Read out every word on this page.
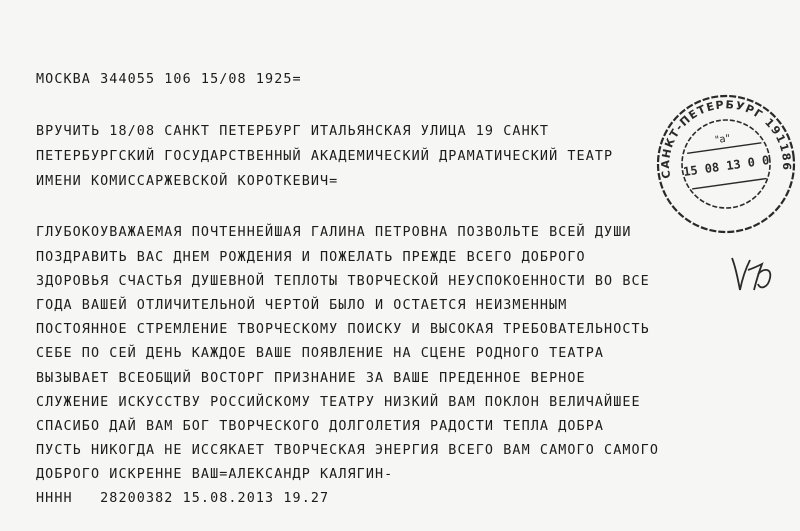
МОСКВА 344055 106 15/08 1925=
ВРУЧИТЬ 18/08 САНКТ ПЕТЕРБУРГ ИТАЛЬЯНСКАЯ УЛИЦА 19 САНКТ
ПЕТЕРБУРГСКИЙ ГОСУДАРСТВЕННЫЙ АКАДЕМИЧЕСКИЙ ДРАМАТИЧЕСКИЙ ТЕАТР
ИМЕНИ КОМИССАРЖЕВСКОЙ КОРОТКЕВИЧ=
ГЛУБОКОУВАЖАЕМАЯ ПОЧТЕННЕЙШАЯ ГАЛИНА ПЕТРОВНА ПОЗВОЛЬТЕ ВСЕЙ ДУШИ
ПОЗДРАВИТЬ ВАС ДНЕМ РОЖДЕНИЯ И ПОЖЕЛАТЬ ПРЕЖДЕ ВСЕГО ДОБРОГО
ЗДОРОВЬЯ СЧАСТЬЯ ДУШЕВНОЙ ТЕПЛОТЫ ТВОРЧЕСКОЙ НЕУСПОКОЕННОСТИ ВО ВСЕ
ГОДА ВАШЕЙ ОТЛИЧИТЕЛЬНОЙ ЧЕРТОЙ БЫЛО И ОСТАЕТСЯ НЕИЗМЕННЫМ
ПОСТОЯННОЕ СТРЕМЛЕНИЕ ТВОРЧЕСКОМУ ПОИСКУ И ВЫСОКАЯ ТРЕБОВАТЕЛЬНОСТЬ
СЕБЕ ПО СЕЙ ДЕНЬ КАЖДОЕ ВАШЕ ПОЯВЛЕНИЕ НА СЦЕНЕ РОДНОГО ТЕАТРА
ВЫЗЫВАЕТ ВСЕОБЩИЙ ВОСТОРГ ПРИЗНАНИЕ ЗА ВАШЕ ПРЕДЕННОЕ ВЕРНОЕ
СЛУЖЕНИЕ ИСКУССТВУ РОССИЙСКОМУ ТЕАТРУ НИЗКИЙ ВАМ ПОКЛОН ВЕЛИЧАЙШЕЕ
СПАСИБО ДАЙ ВАМ БОГ ТВОРЧЕСКОГО ДОЛГОЛЕТИЯ РАДОСТИ ТЕПЛА ДОБРА
ПУСТЬ НИКОГДА НЕ ИССЯКАЕТ ТВОРЧЕСКАЯ ЭНЕРГИЯ ВСЕГО ВАМ САМОГО САМОГО
ДОБРОГО ИСКРЕННЕ ВАШ=АЛЕКСАНДР КАЛЯГИН-
НННН   28200382 15.08.2013 19.27
САНКТ-ПЕТЕРБУРГ 191186
"а"
15 08 13 0 0
